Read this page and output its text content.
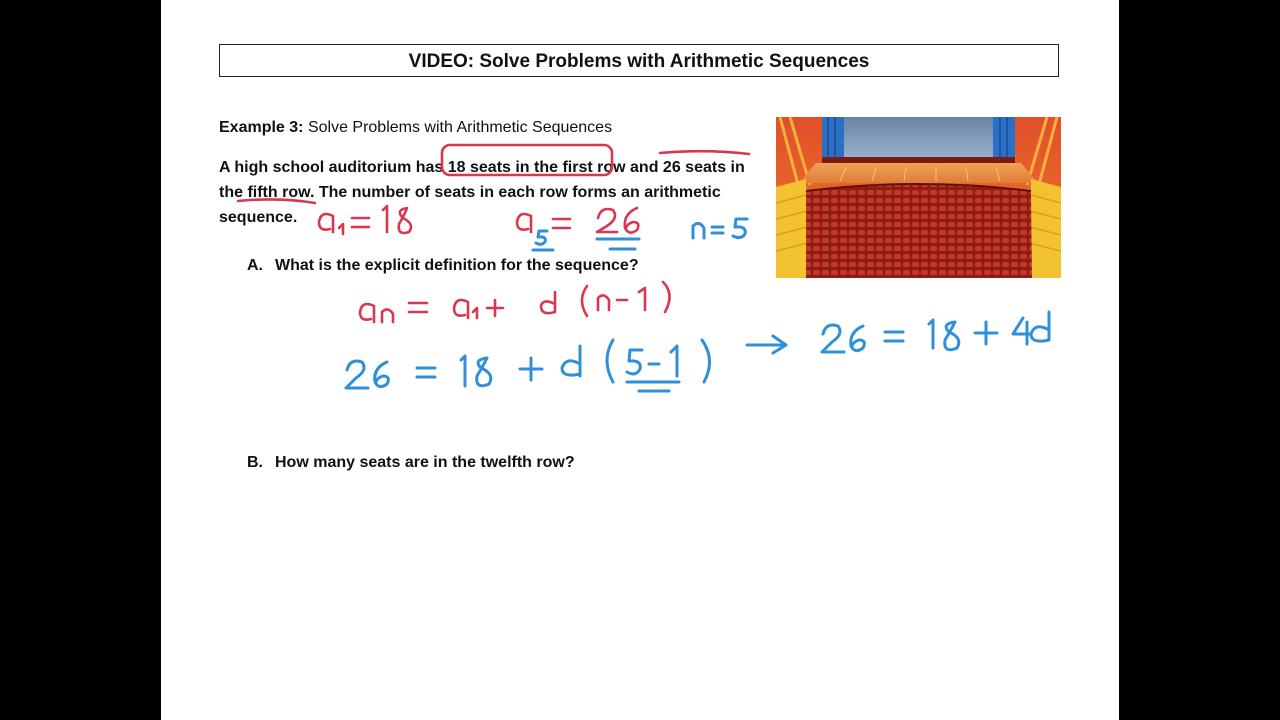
VIDEO: Solve Problems with Arithmetic Sequences
Example 3: Solve Problems with Arithmetic Sequences
A high school auditorium has 18 seats in the first row and 26 seats in
the fifth row. The number of seats in each row forms an arithmetic
sequence.
A. What is the explicit definition for the sequence?
B. How many seats are in the twelfth row?
